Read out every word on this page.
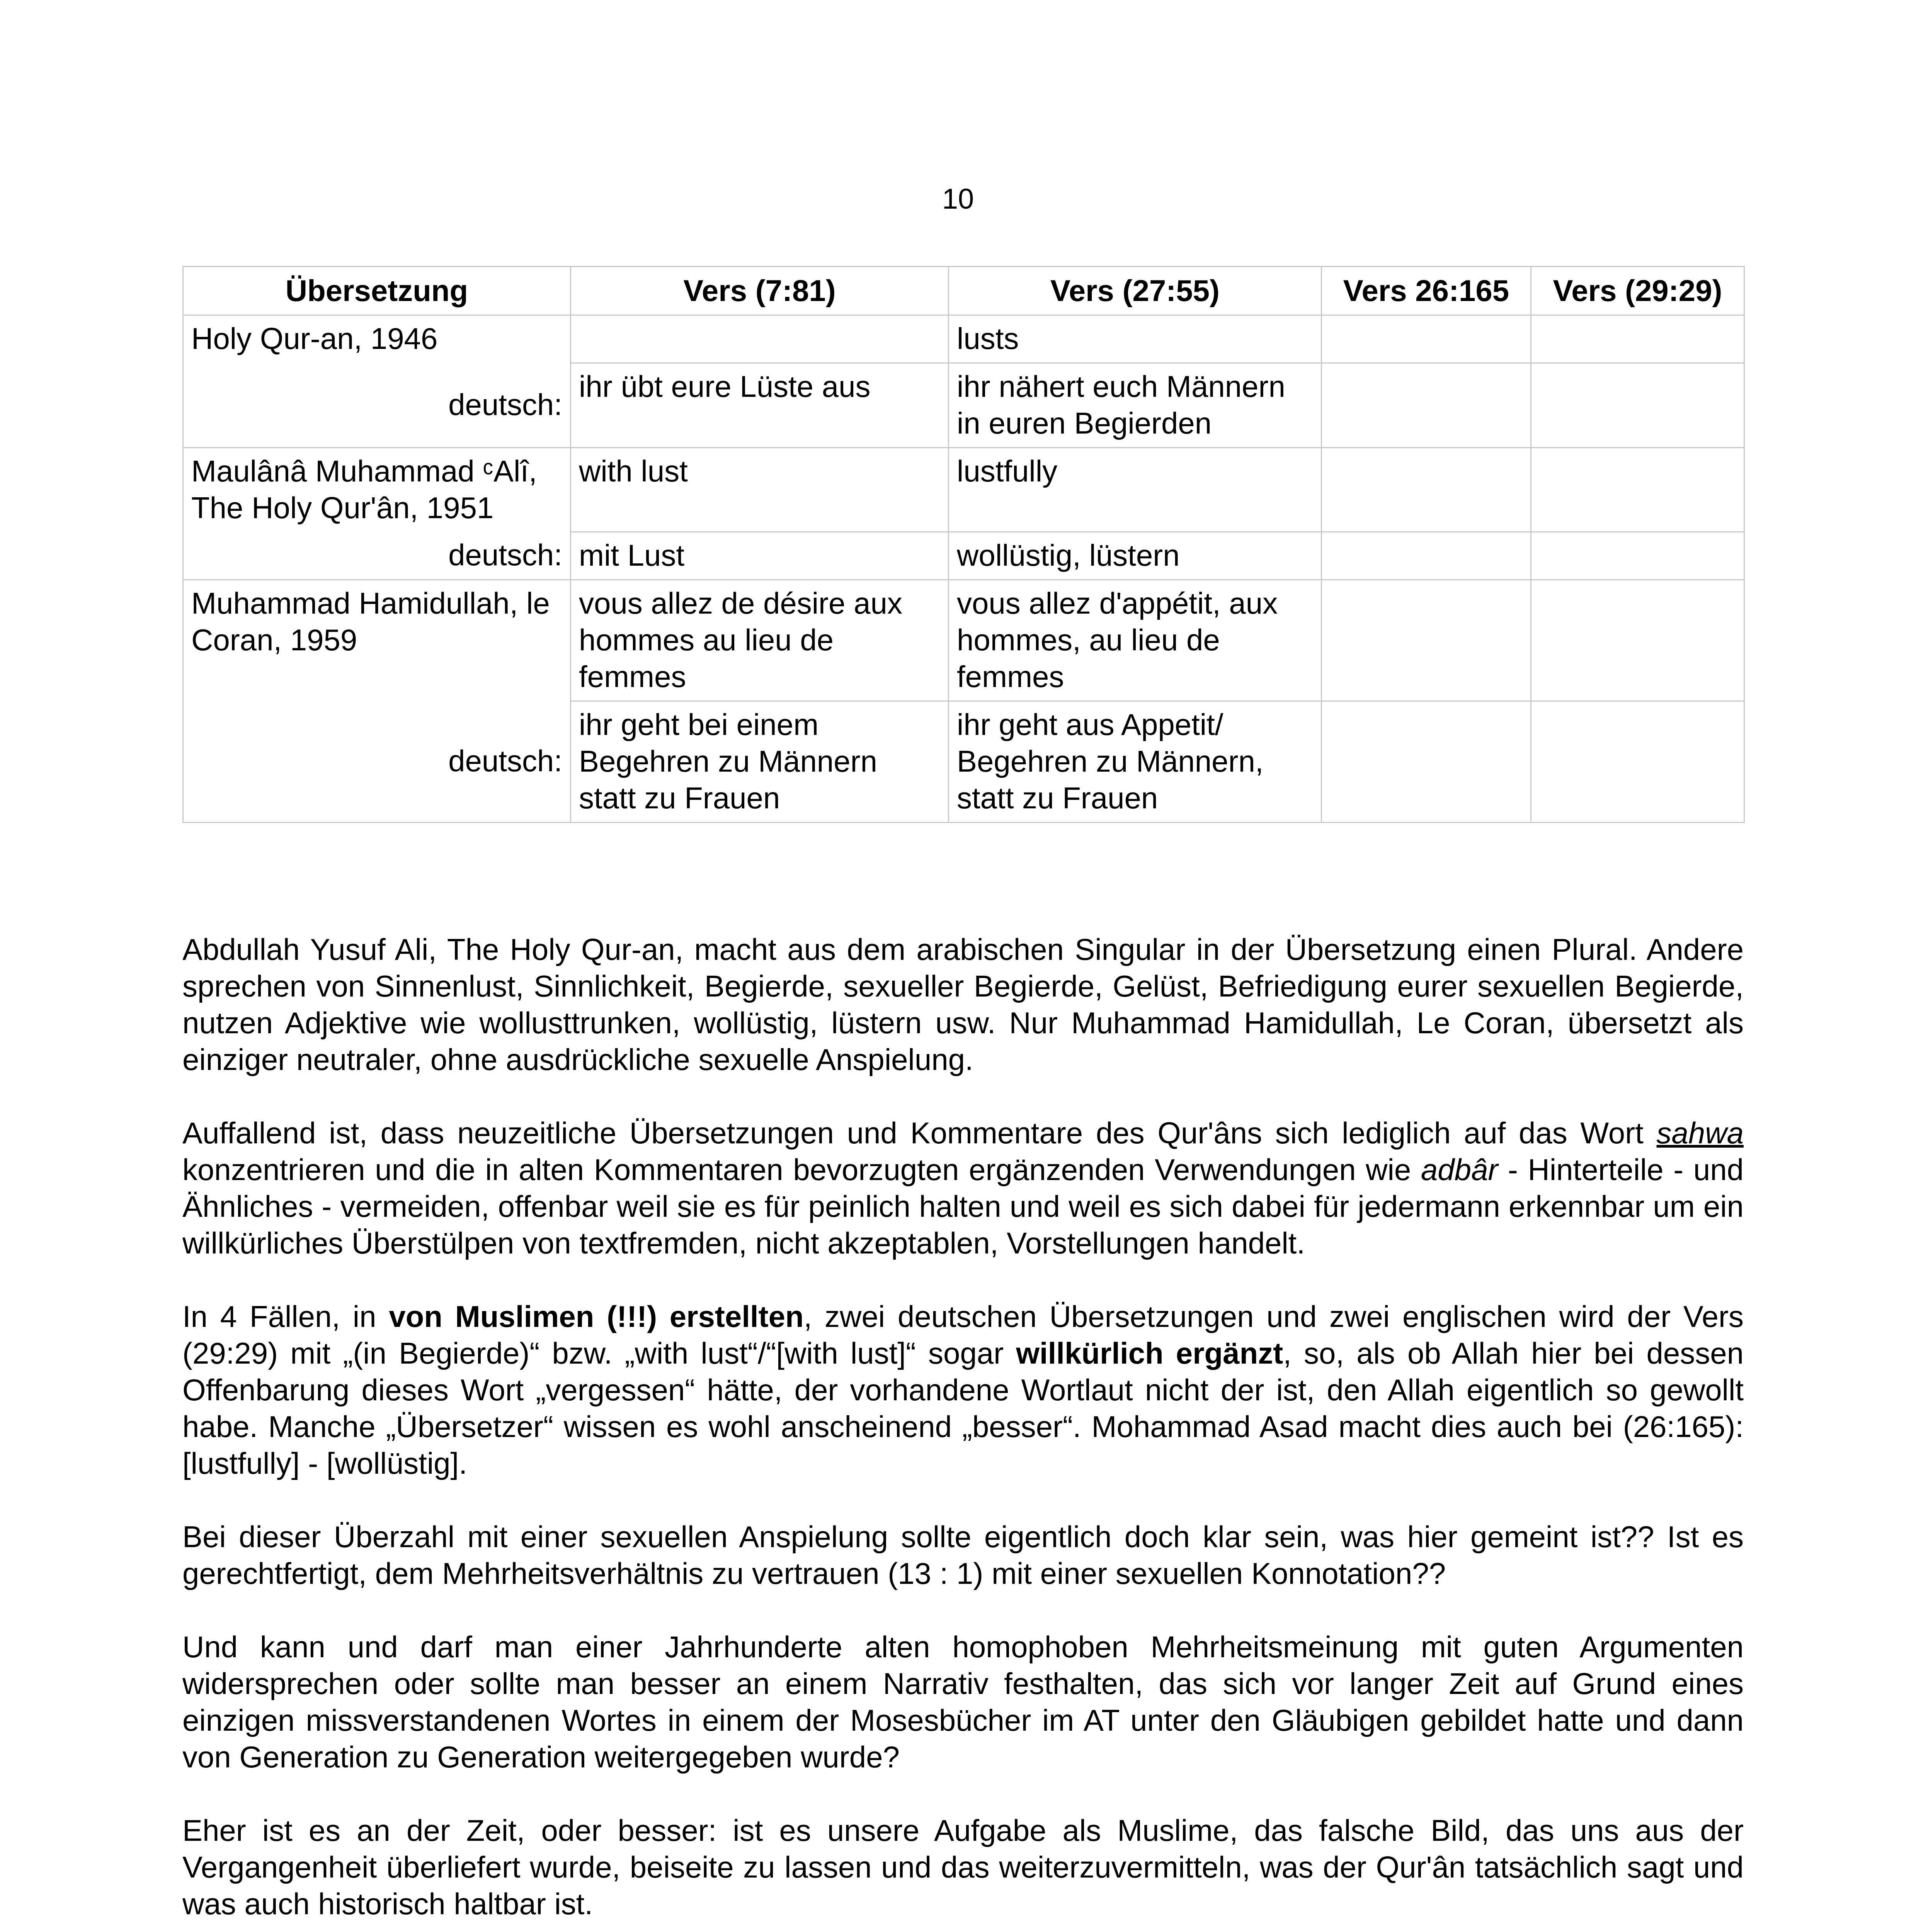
10
Übersetzung	Vers (7:81)	Vers (27:55)	Vers 26:165	Vers (29:29)
Holy Qur-an, 1946		lusts		
deutsch:	ihr übt eure Lüste aus	ihr nähert euch Männern in euren Begierden		
Maulânâ Muhammad ᶜAlî, The Holy Qur'ân, 1951	with lust	lustfully		
deutsch:	mit Lust	wollüstig, lüstern		
Muhammad Hamidullah, le Coran, 1959	vous allez de désire aux hommes au lieu de femmes	vous allez d'appétit, aux hommes, au lieu de femmes		
deutsch:	ihr geht bei einem Begehren zu Männern statt zu Frauen	ihr geht aus Appetit/ Begehren zu Männern, statt zu Frauen		

Abdullah Yusuf Ali, The Holy Qur-an, macht aus dem arabischen Singular in der Übersetzung einen Plural. Andere sprechen von Sinnenlust, Sinnlichkeit, Begierde, sexueller Begierde, Gelüst, Befriedigung eurer sexuellen Begierde, nutzen Adjektive wie wollusttrunken, wollüstig, lüstern usw. Nur Muhammad Hamidullah, Le Coran, übersetzt als einziger neutraler, ohne ausdrückliche sexuelle Anspielung.

Auffallend ist, dass neuzeitliche Übersetzungen und Kommentare des Qur'âns sich lediglich auf das Wort sahwa konzentrieren und die in alten Kommentaren bevorzugten ergänzenden Verwendungen wie adbâr - Hinterteile - und Ähnliches - vermeiden, offenbar weil sie es für peinlich halten und weil es sich dabei für jedermann erkennbar um ein willkürliches Überstülpen von textfremden, nicht akzeptablen, Vorstellungen handelt.

In 4 Fällen, in von Muslimen (!!!) erstellten, zwei deutschen Übersetzungen und zwei englischen wird der Vers (29:29) mit „(in Begierde)“ bzw. „with lust“/“[with lust]“ sogar willkürlich ergänzt, so, als ob Allah hier bei dessen Offenbarung dieses Wort „vergessen“ hätte, der vorhandene Wortlaut nicht der ist, den Allah eigentlich so gewollt habe. Manche „Übersetzer“ wissen es wohl anscheinend „besser“. Mohammad Asad macht dies auch bei (26:165): [lustfully] - [wollüstig].

Bei dieser Überzahl mit einer sexuellen Anspielung sollte eigentlich doch klar sein, was hier gemeint ist?? Ist es gerechtfertigt, dem Mehrheitsverhältnis zu vertrauen (13 : 1) mit einer sexuellen Konnotation??

Und kann und darf man einer Jahrhunderte alten homophoben Mehrheitsmeinung mit guten Argumenten widersprechen oder sollte man besser an einem Narrativ festhalten, das sich vor langer Zeit auf Grund eines einzigen missverstandenen Wortes in einem der Mosesbücher im AT unter den Gläubigen gebildet hatte und dann von Generation zu Generation weitergegeben wurde?

Eher ist es an der Zeit, oder besser: ist es unsere Aufgabe als Muslime, das falsche Bild, das uns aus der Vergangenheit überliefert wurde, beiseite zu lassen und das weiterzuvermitteln, was der Qur'ân tatsächlich sagt und was auch historisch haltbar ist.
